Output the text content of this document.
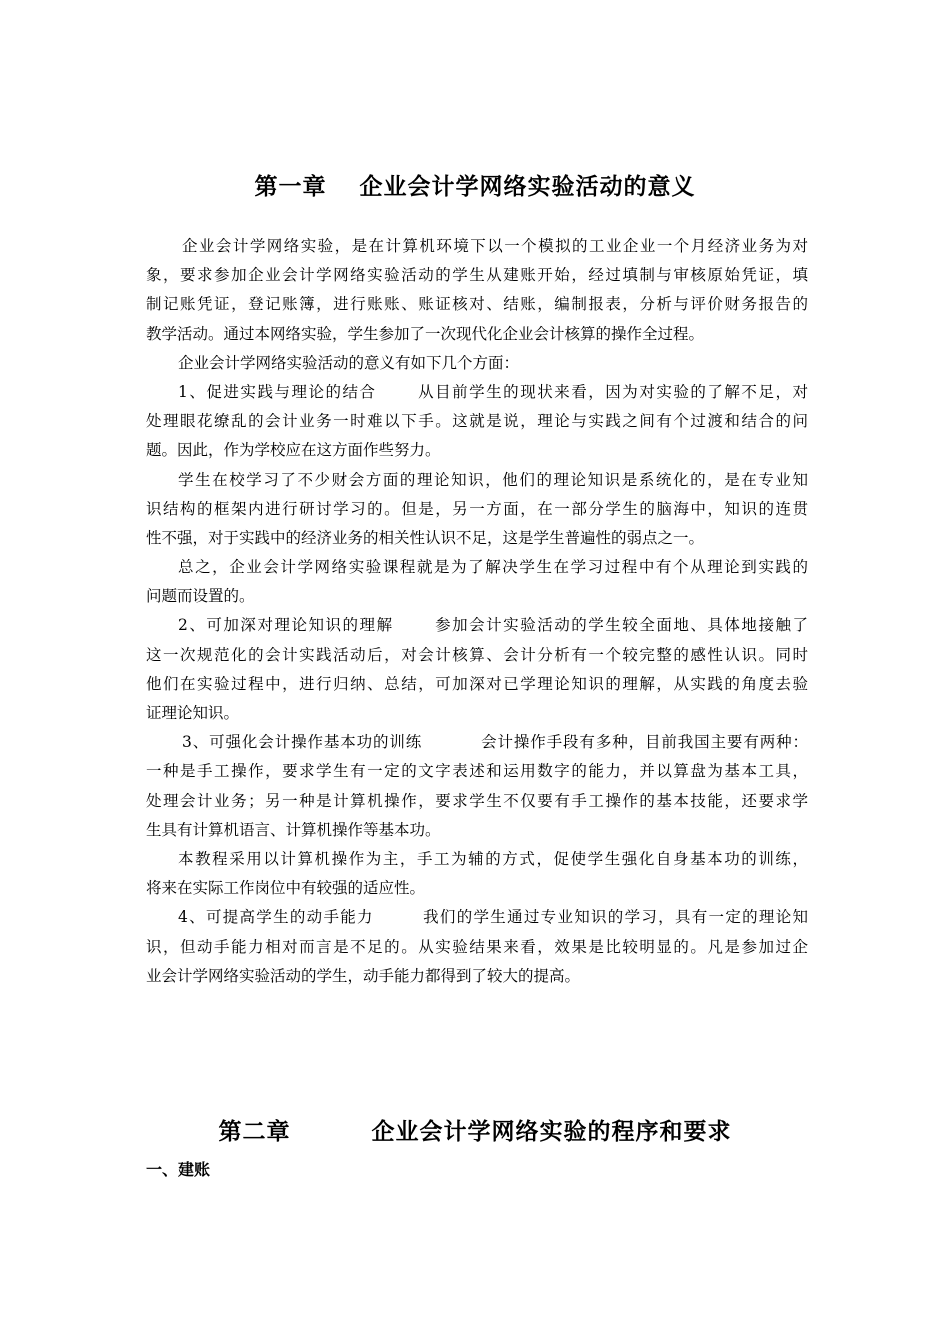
第一章　 企业会计学网络实验活动的意义
企业会计学网络实验，是在计算机环境下以一个模拟的工业企业一个月经济业务为对
象，要求参加企业会计学网络实验活动的学生从建账开始，经过填制与审核原始凭证，填
制记账凭证，登记账簿，进行账账、账证核对、结账，编制报表，分析与评价财务报告的
教学活动。通过本网络实验，学生参加了一次现代化企业会计核算的操作全过程。
企业会计学网络实验活动的意义有如下几个方面：
1、促进实践与理论的结合	从目前学生的现状来看，因为对实验的了解不足，对
处理眼花缭乱的会计业务一时难以下手。这就是说，理论与实践之间有个过渡和结合的问
题。因此，作为学校应在这方面作些努力。
学生在校学习了不少财会方面的理论知识，他们的理论知识是系统化的，是在专业知
识结构的框架内进行研讨学习的。但是，另一方面，在一部分学生的脑海中，知识的连贯
性不强，对于实践中的经济业务的相关性认识不足，这是学生普遍性的弱点之一。
总之，企业会计学网络实验课程就是为了解决学生在学习过程中有个从理论到实践的
问题而设置的。
2、可加深对理论知识的理解	参加会计实验活动的学生较全面地、具体地接触了
这一次规范化的会计实践活动后，对会计核算、会计分析有一个较完整的感性认识。同时
他们在实验过程中，进行归纳、总结，可加深对已学理论知识的理解，从实践的角度去验
证理论知识。
3、可强化会计操作基本功的训练	会计操作手段有多种，目前我国主要有两种：
一种是手工操作，要求学生有一定的文字表述和运用数字的能力，并以算盘为基本工具，
处理会计业务；另一种是计算机操作，要求学生不仅要有手工操作的基本技能，还要求学
生具有计算机语言、计算机操作等基本功。
本教程采用以计算机操作为主，手工为辅的方式，促使学生强化自身基本功的训练，
将来在实际工作岗位中有较强的适应性。
4、可提高学生的动手能力	我们的学生通过专业知识的学习，具有一定的理论知
识，但动手能力相对而言是不足的。从实验结果来看，效果是比较明显的。凡是参加过企
业会计学网络实验活动的学生，动手能力都得到了较大的提高。
第二章　　　 企业会计学网络实验的程序和要求
一、建账
